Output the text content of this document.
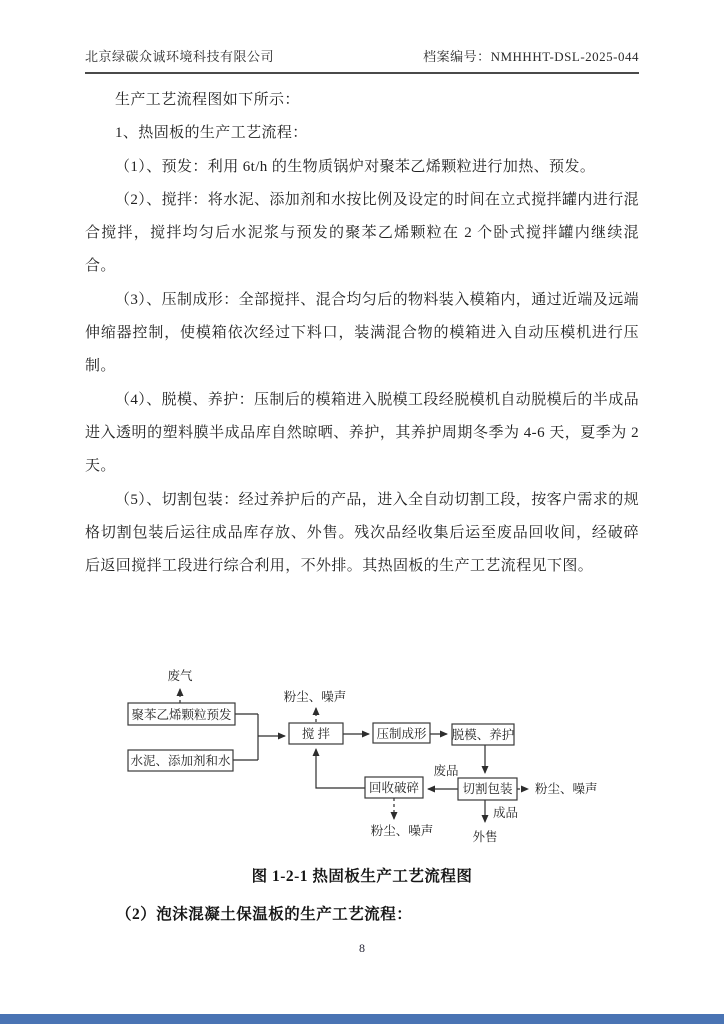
北京绿碳众诚环境科技有限公司	档案编号：NMHHHT-DSL-2025-044

生产工艺流程图如下所示：

1、热固板的生产工艺流程：

（1）、预发：利用 6t/h 的生物质锅炉对聚苯乙烯颗粒进行加热、预发。

（2）、搅拌：将水泥、添加剂和水按比例及设定的时间在立式搅拌罐内进行混合搅拌，搅拌均匀后水泥浆与预发的聚苯乙烯颗粒在 2 个卧式搅拌罐内继续混合。

（3）、压制成形：全部搅拌、混合均匀后的物料装入模箱内，通过近端及远端伸缩器控制，使模箱依次经过下料口，装满混合物的模箱进入自动压模机进行压制。

（4）、脱模、养护：压制后的模箱进入脱模工段经脱模机自动脱模后的半成品进入透明的塑料膜半成品库自然晾晒、养护，其养护周期冬季为 4-6 天，夏季为 2 天。

（5）、切割包装：经过养护后的产品，进入全自动切割工段，按客户需求的规格切割包装后运往成品库存放、外售。残次品经收集后运至废品回收间，经破碎后返回搅拌工段进行综合利用，不外排。其热固板的生产工艺流程见下图。

聚苯乙烯颗粒预发
水泥、添加剂和水
搅 拌	压制成形 脱模、养护
切割包装
回收破碎
废气
粉尘、噪声
废品
粉尘、噪声
成品
外售
粉尘、噪声
图 1-2-1 热固板生产工艺流程图
（2）泡沫混凝土保温板的生产工艺流程：
8
